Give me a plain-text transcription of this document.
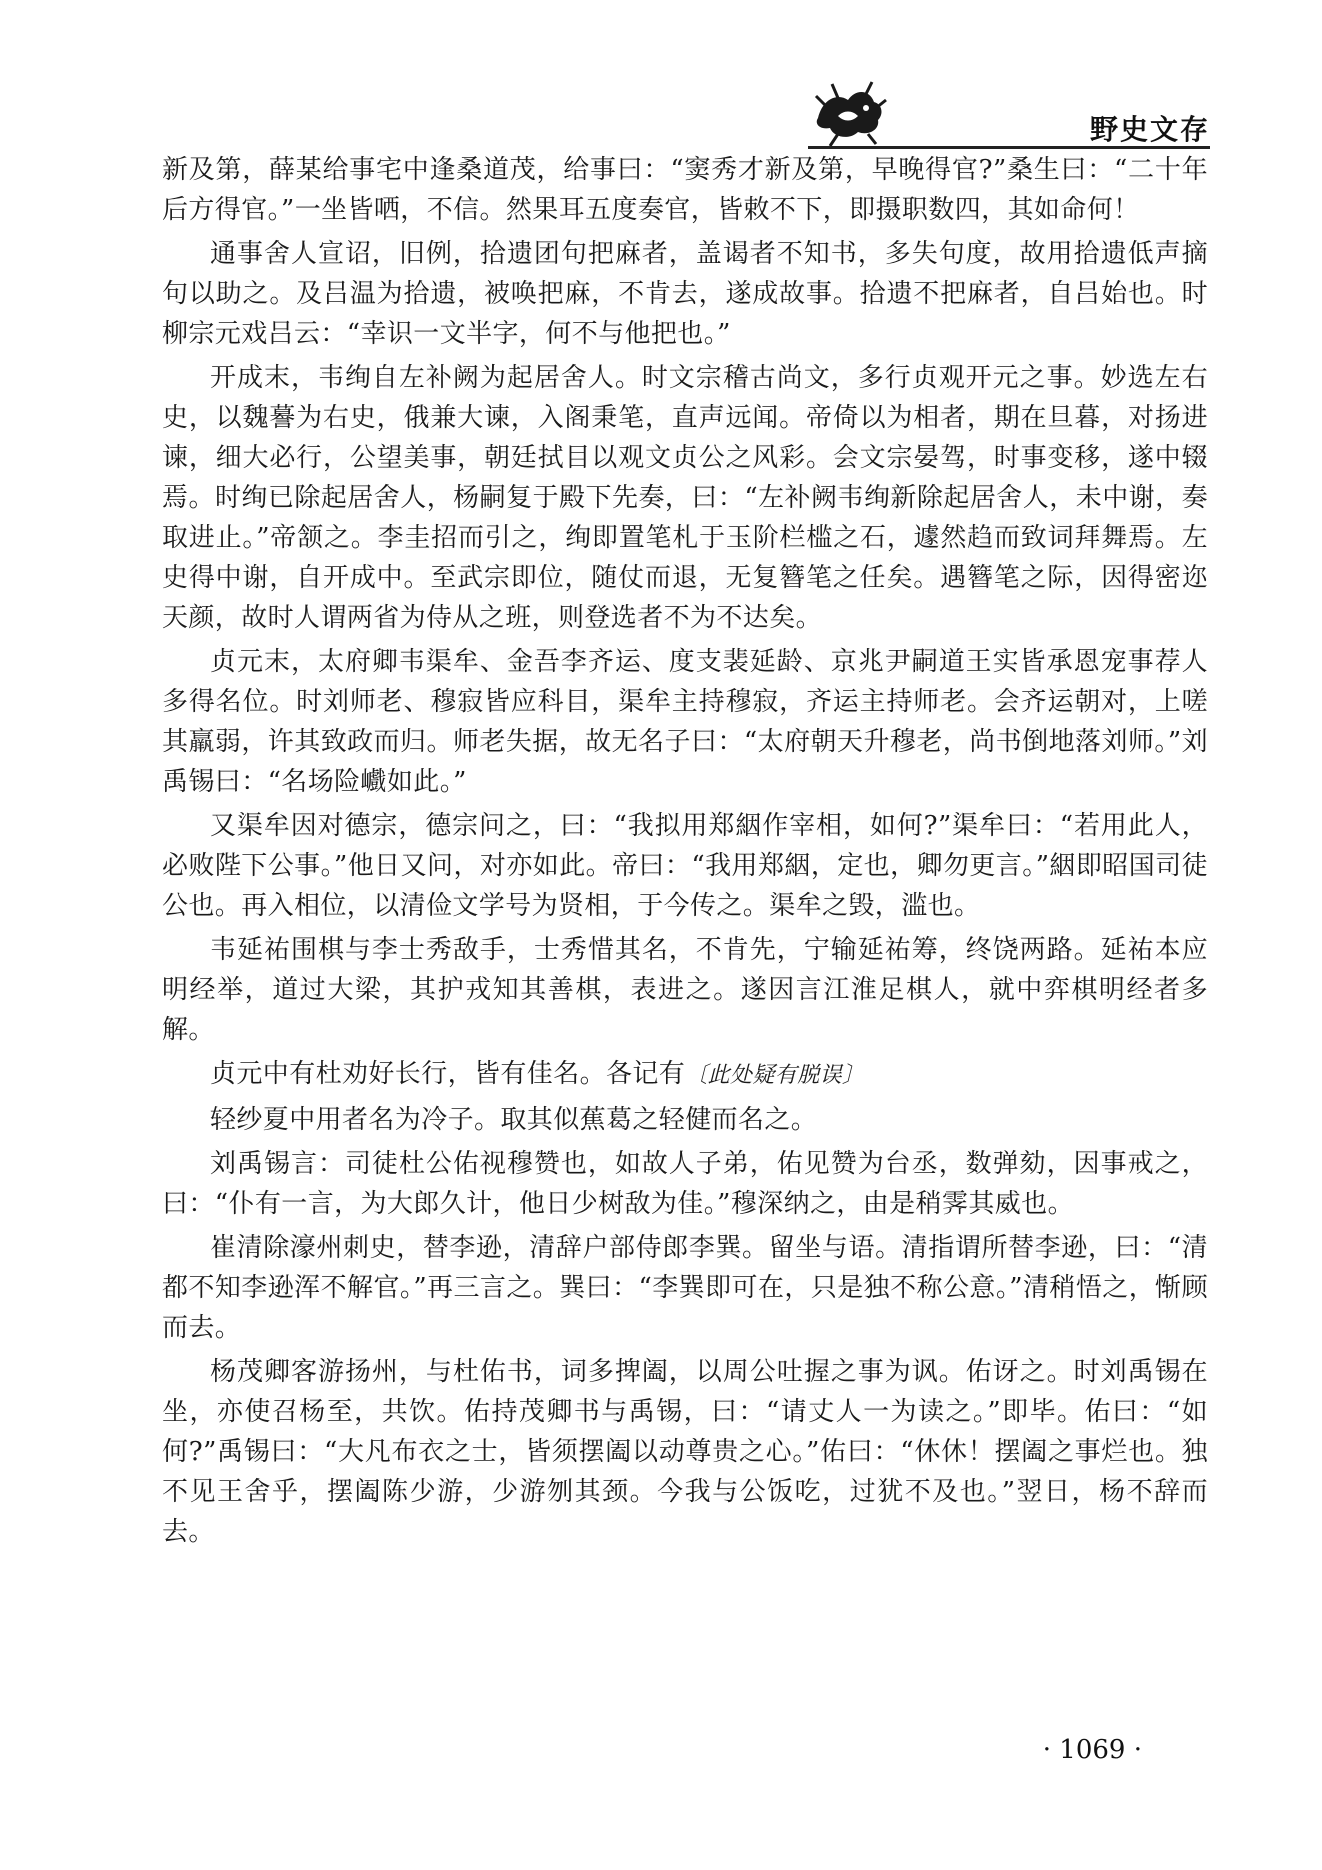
野史文存

新及第，薛某给事宅中逢桑道茂，给事曰：“窦秀才新及第，早晚得官?”桑生曰：“二十年后方得官。”一坐皆哂，不信。然果耳五度奏官，皆敕不下，即摄职数四，其如命何！

通事舍人宣诏，旧例，拾遗团句把麻者，盖谒者不知书，多失句度，故用拾遗低声摘句以助之。及吕温为拾遗，被唤把麻，不肯去，遂成故事。拾遗不把麻者，自吕始也。时柳宗元戏吕云：“幸识一文半字，何不与他把也。”

开成末，韦绚自左补阙为起居舍人。时文宗稽古尚文，多行贞观开元之事。妙选左右史，以魏謩为右史，俄兼大谏，入阁秉笔，直声远闻。帝倚以为相者，期在旦暮，对扬进谏，细大必行，公望美事，朝廷拭目以观文贞公之风彩。会文宗晏驾，时事变移，遂中辍焉。时绚已除起居舍人，杨嗣复于殿下先奏，曰：“左补阙韦绚新除起居舍人，未中谢，奏取进止。”帝颔之。李圭招而引之，绚即置笔札于玉阶栏槛之石，遽然趋而致词拜舞焉。左史得中谢，自开成中。至武宗即位，随仗而退，无复簪笔之任矣。遇簪笔之际，因得密迩天颜，故时人谓两省为侍从之班，则登选者不为不达矣。

贞元末，太府卿韦渠牟、金吾李齐运、度支裴延龄、京兆尹嗣道王实皆承恩宠事荐人多得名位。时刘师老、穆寂皆应科目，渠牟主持穆寂，齐运主持师老。会齐运朝对，上嗟其羸弱，许其致政而归。师老失据，故无名子曰：“太府朝天升穆老，尚书倒地落刘师。”刘禹锡曰：“名场险巇如此。”

又渠牟因对德宗，德宗问之，曰：“我拟用郑絪作宰相，如何?”渠牟曰：“若用此人，必败陛下公事。”他日又问，对亦如此。帝曰：“我用郑絪，定也，卿勿更言。”絪即昭国司徒公也。再入相位，以清俭文学号为贤相，于今传之。渠牟之毁，滥也。

韦延祐围棋与李士秀敌手，士秀惜其名，不肯先，宁输延祐筹，终饶两路。延祐本应明经举，道过大梁，其护戎知其善棋，表进之。遂因言江淮足棋人，就中弈棋明经者多解。

贞元中有杜劝好长行，皆有佳名。各记有〔此处疑有脱误〕

轻纱夏中用者名为冷子。取其似蕉葛之轻健而名之。

刘禹锡言：司徒杜公佑视穆赞也，如故人子弟，佑见赞为台丞，数弹劾，因事戒之，曰：“仆有一言，为大郎久计，他日少树敌为佳。”穆深纳之，由是稍霁其威也。

崔清除濠州刺史，替李逊，清辞户部侍郎李巽。留坐与语。清指谓所替李逊，曰：“清都不知李逊浑不解官。”再三言之。巽曰：“李巽即可在，只是独不称公意。”清稍悟之，惭顾而去。

杨茂卿客游扬州，与杜佑书，词多捭阖，以周公吐握之事为讽。佑讶之。时刘禹锡在坐，亦使召杨至，共饮。佑持茂卿书与禹锡，曰：“请丈人一为读之。”即毕。佑曰：“如何?”禹锡曰：“大凡布衣之士，皆须摆阖以动尊贵之心。”佑曰：“休休！摆阖之事烂也。独不见王舍乎，摆阖陈少游，少游刎其颈。今我与公饭吃，过犹不及也。”翌日，杨不辞而去。

· 1069 ·
